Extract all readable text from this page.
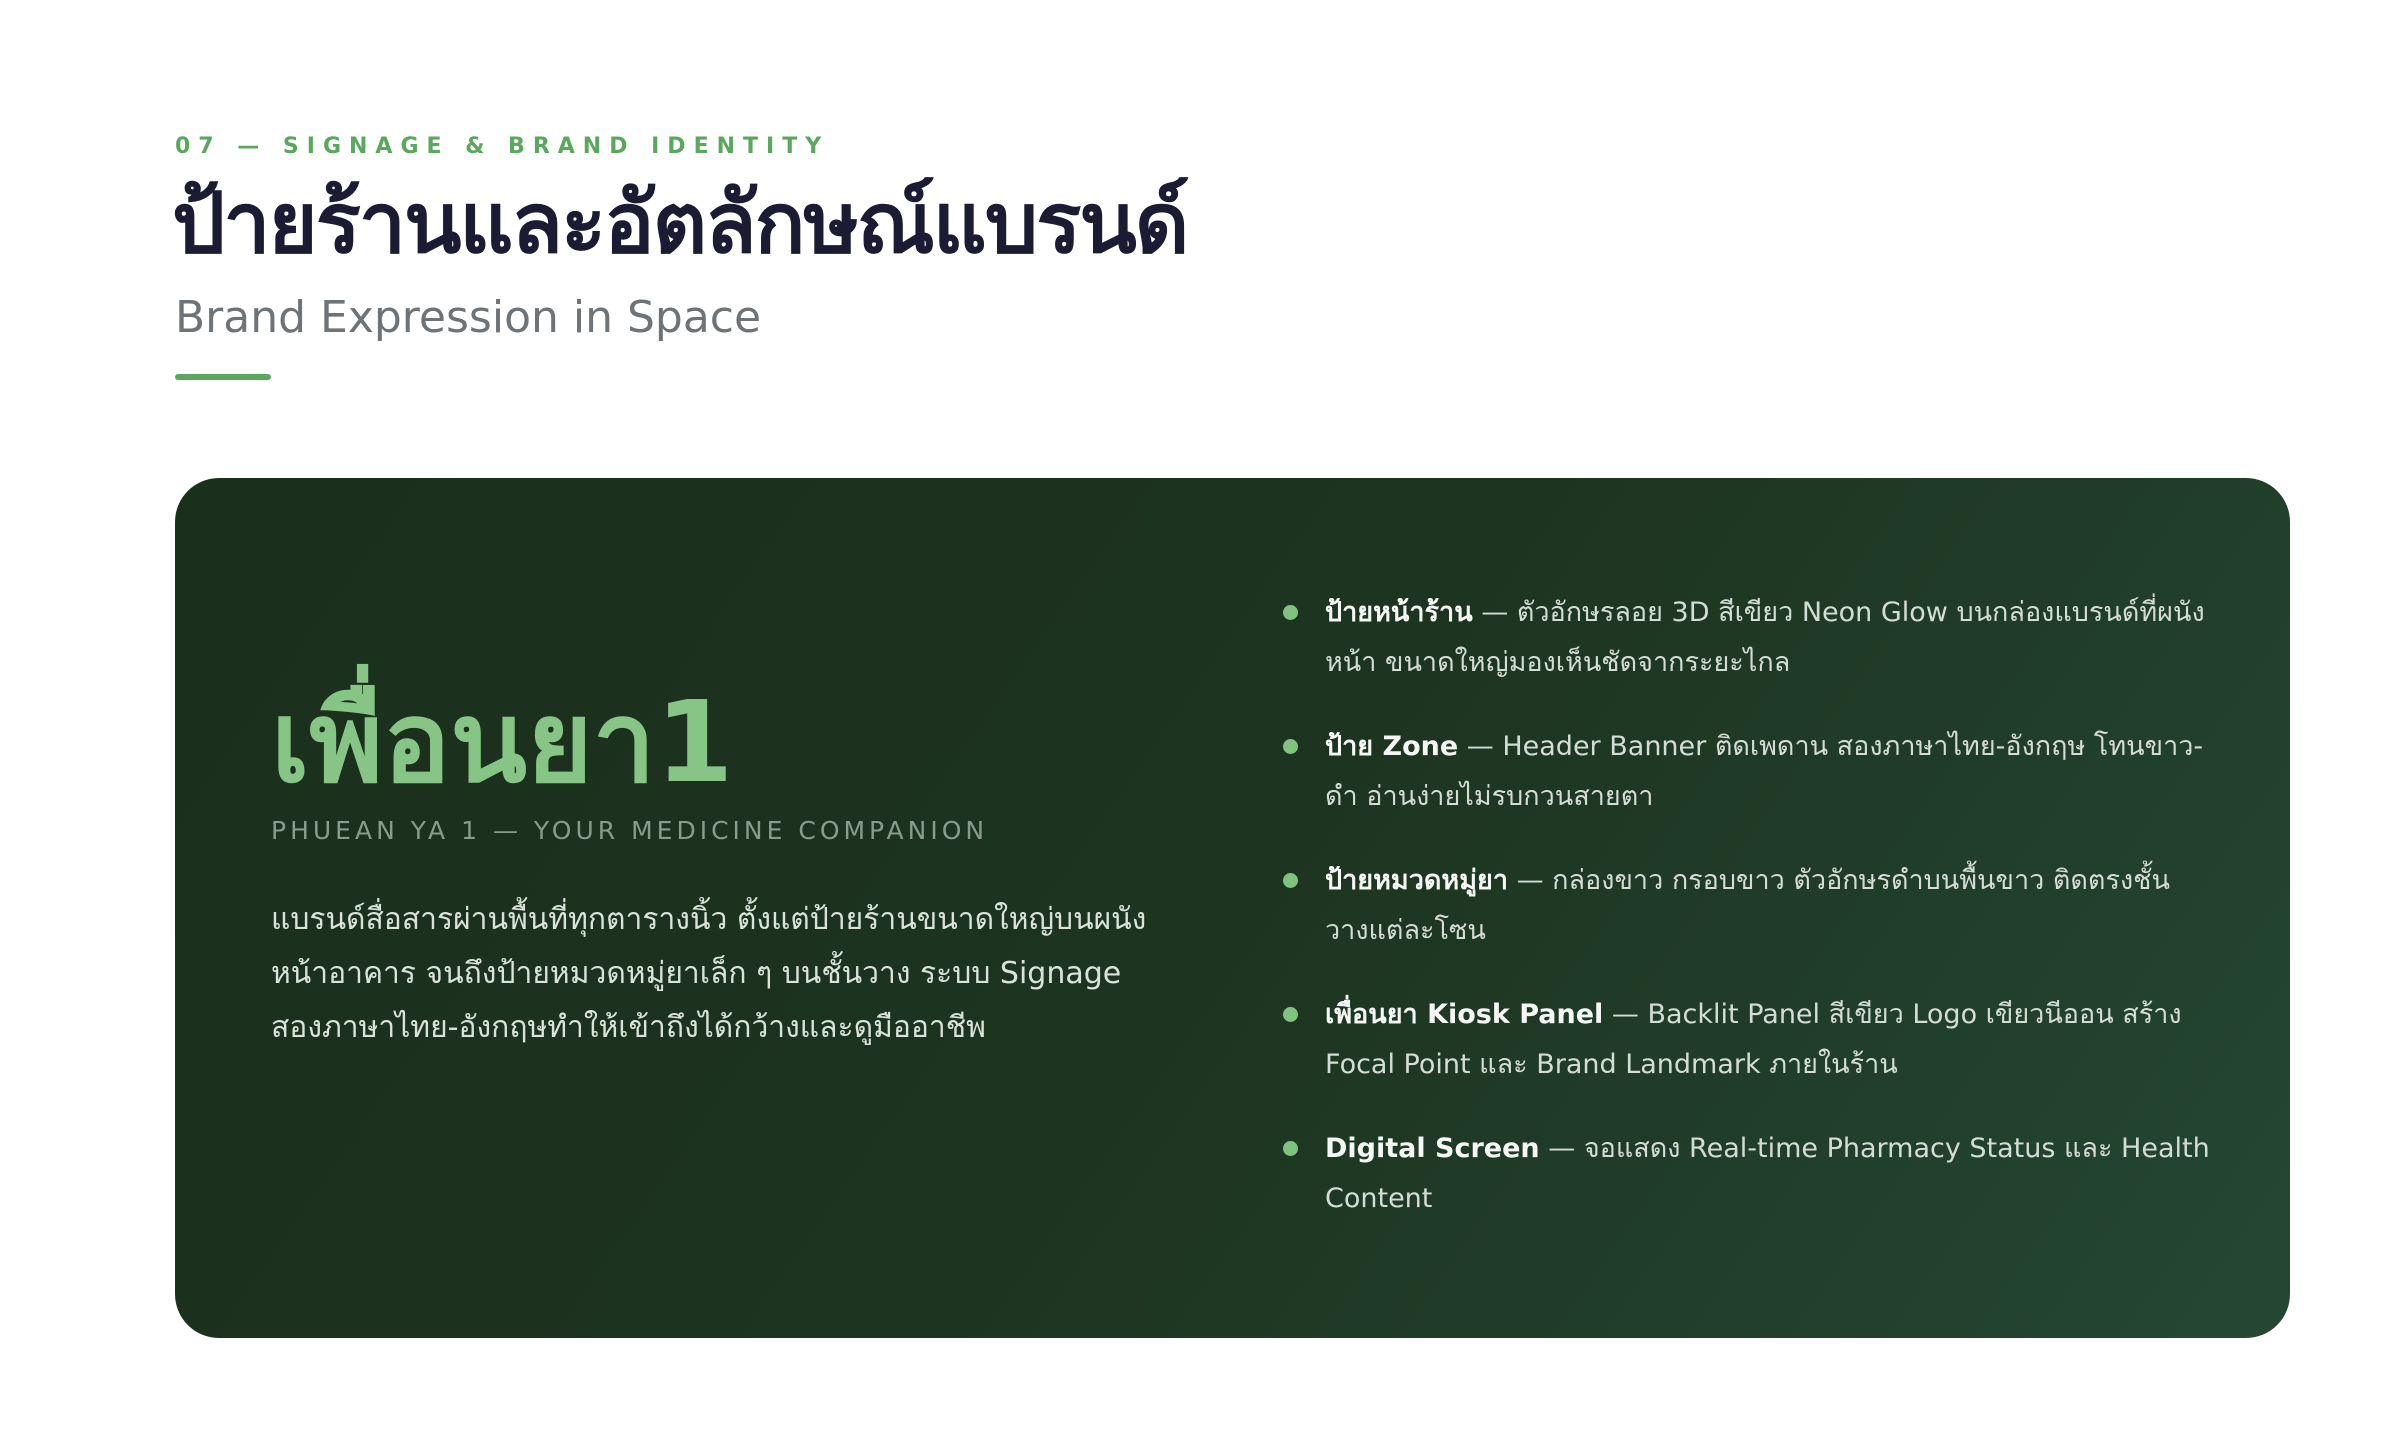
07 — SIGNAGE & BRAND IDENTITY
ป้ายร้านและอัตลักษณ์แบรนด์
Brand Expression in Space
เพื่อนยา1
PHUEAN YA 1 — YOUR MEDICINE COMPANION
แบรนด์สื่อสารผ่านพื้นที่ทุกตารางนิ้ว ตั้งแต่ป้ายร้านขนาดใหญ่บนผนังหน้าอาคาร จนถึงป้ายหมวดหมู่ยาเล็ก ๆ บนชั้นวาง ระบบ Signage สองภาษาไทย-อังกฤษทำให้เข้าถึงได้กว้างและดูมืออาชีพ
ป้ายหน้าร้าน — ตัวอักษรลอย 3D สีเขียว Neon Glow บนกล่องแบรนด์ที่ผนังหน้า ขนาดใหญ่มองเห็นชัดจากระยะไกล
ป้าย Zone — Header Banner ติดเพดาน สองภาษาไทย-อังกฤษ โทนขาว-ดำ อ่านง่ายไม่รบกวนสายตา
ป้ายหมวดหมู่ยา — กล่องขาว กรอบขาว ตัวอักษรดำบนพื้นขาว ติดตรงชั้นวางแต่ละโซน
เพื่อนยา Kiosk Panel — Backlit Panel สีเขียว Logo เขียวนีออน สร้าง Focal Point และ Brand Landmark ภายในร้าน
Digital Screen — จอแสดง Real-time Pharmacy Status และ Health Content
